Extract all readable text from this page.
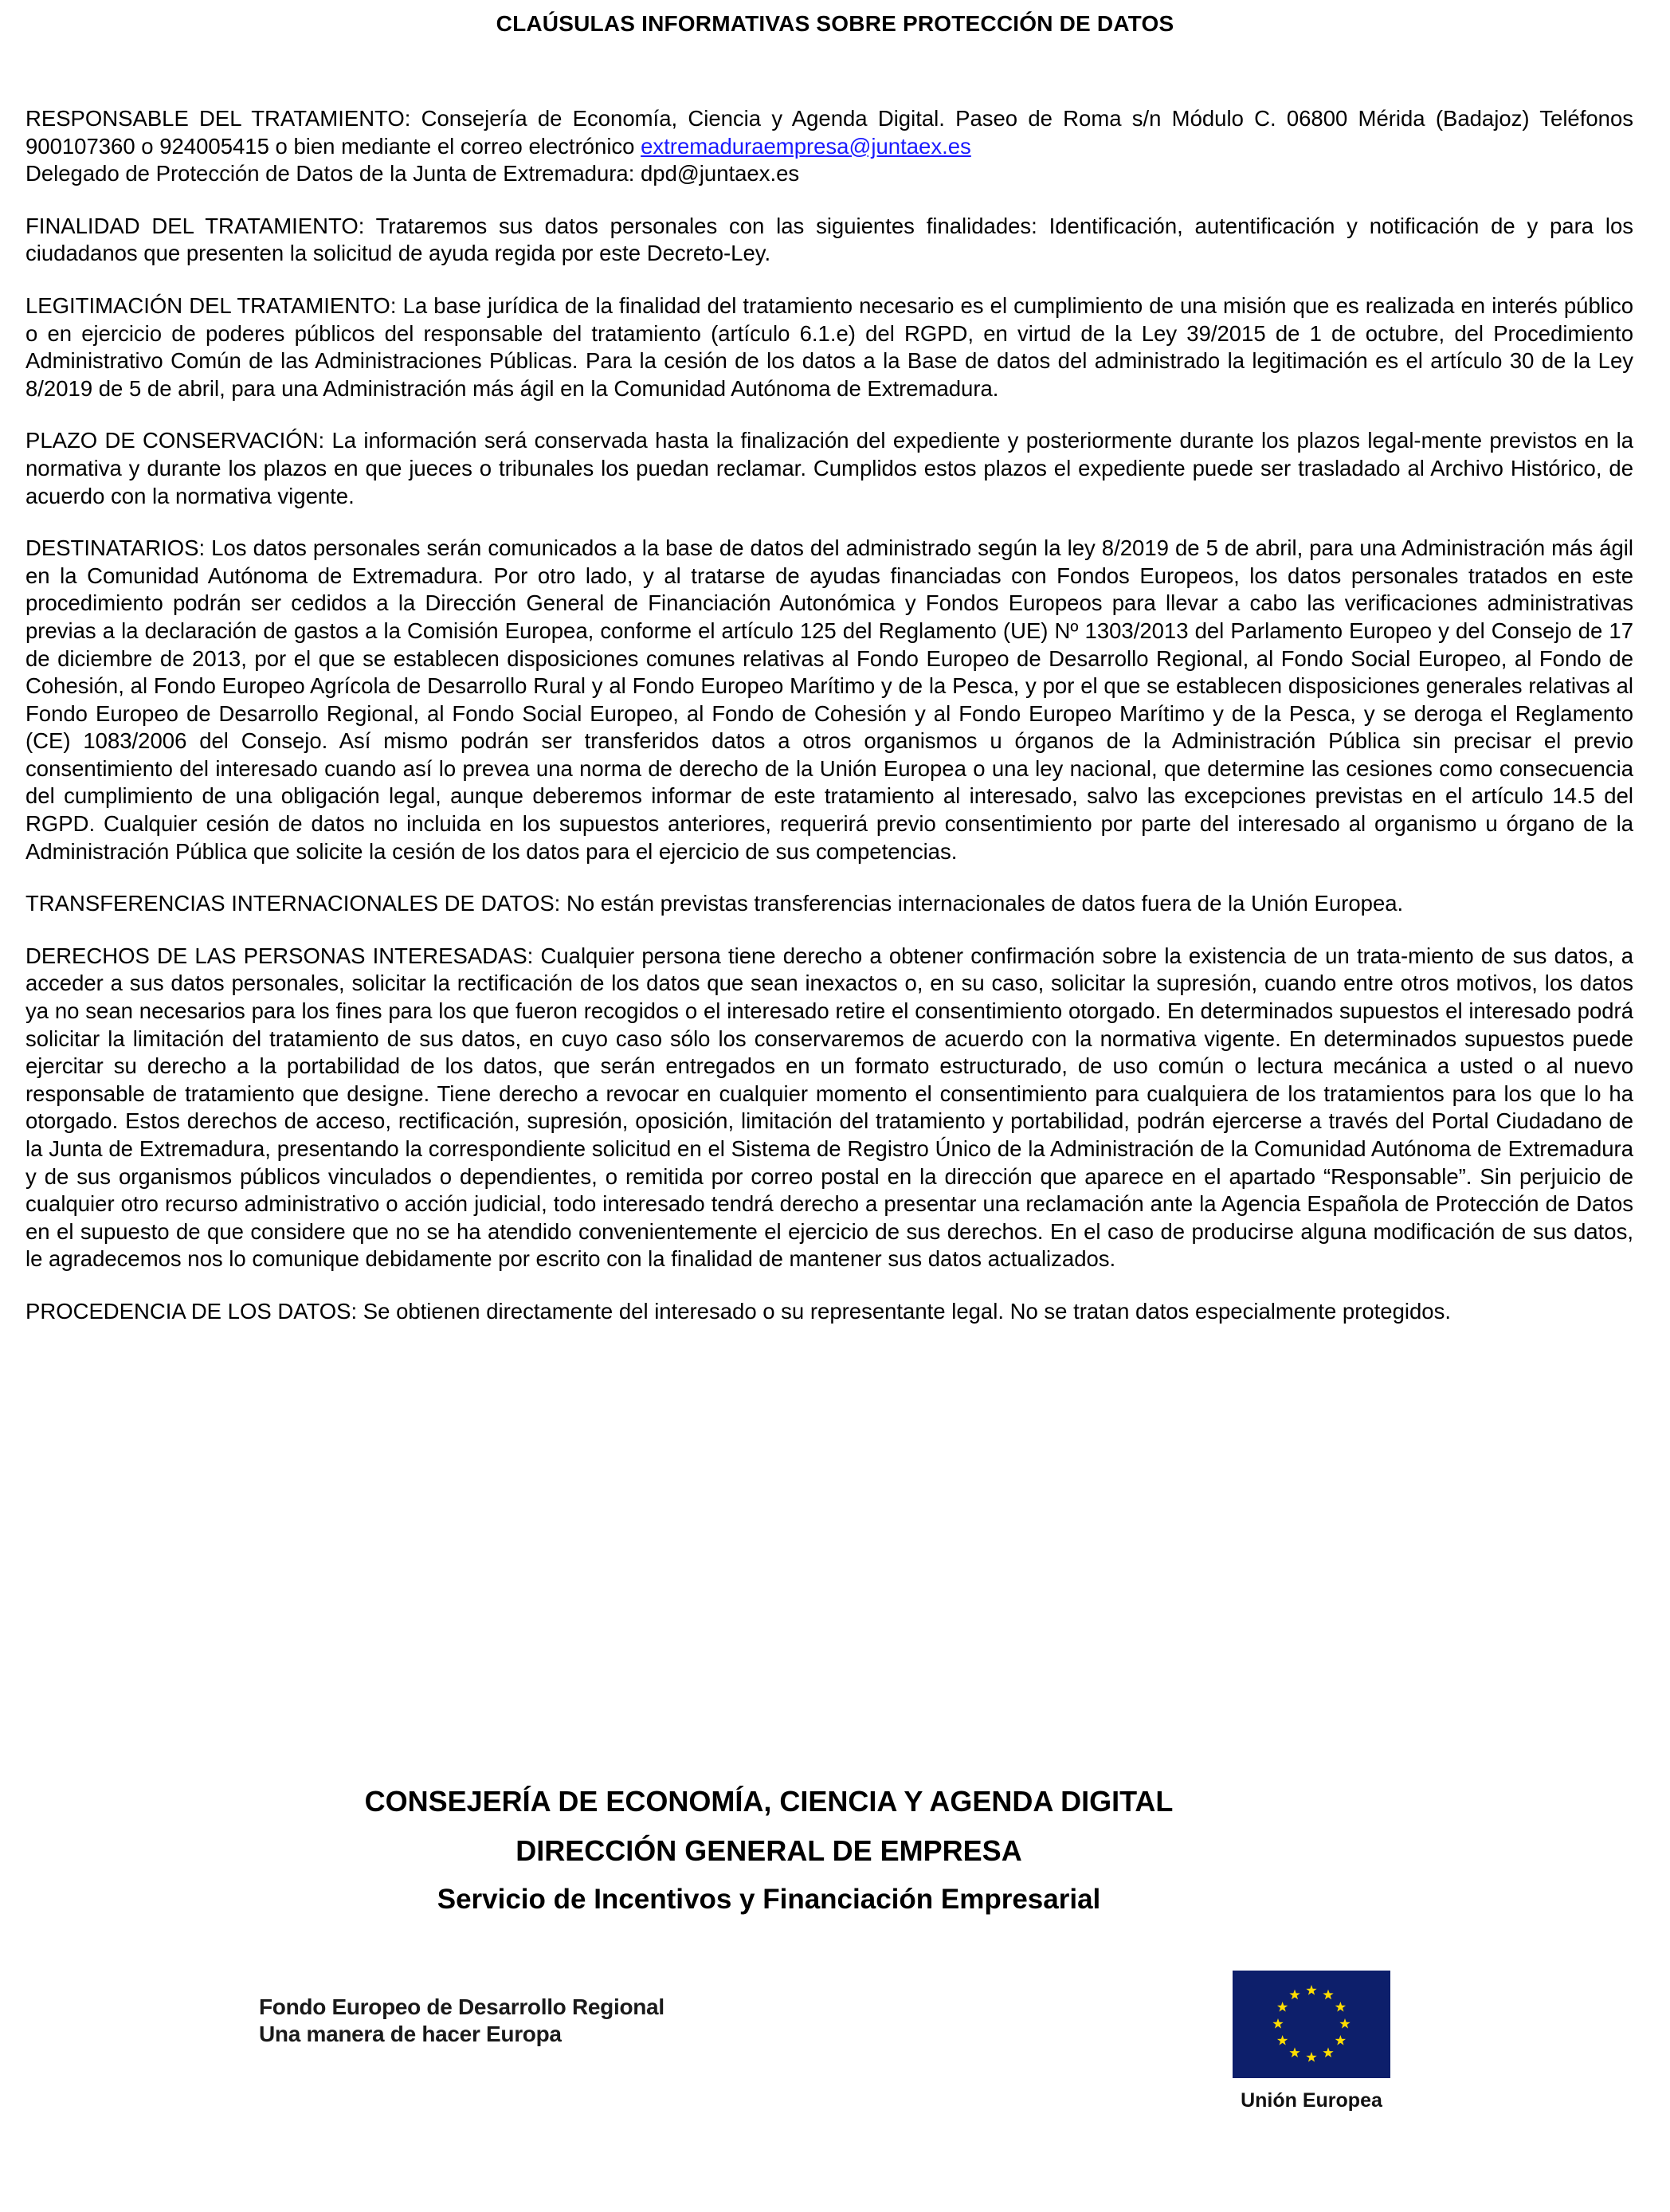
CLAÚSULAS INFORMATIVAS SOBRE PROTECCIÓN DE DATOS

RESPONSABLE DEL TRATAMIENTO: Consejería de Economía, Ciencia y Agenda Digital. Paseo de Roma s/n Módulo C. 06800 Mérida (Badajoz) Teléfonos 900107360 o 924005415 o bien mediante el correo electrónico extremaduraempresa@juntaex.es
Delegado de Protección de Datos de la Junta de Extremadura: dpd@juntaex.es

FINALIDAD DEL TRATAMIENTO: Trataremos sus datos personales con las siguientes finalidades: Identificación, autentificación y notificación de y para los ciudadanos que presenten la solicitud de ayuda regida por este Decreto-Ley.

LEGITIMACIÓN DEL TRATAMIENTO: La base jurídica de la finalidad del tratamiento necesario es el cumplimiento de una misión que es realizada en interés público o en ejercicio de poderes públicos del responsable del tratamiento (artículo 6.1.e) del RGPD, en virtud de la Ley 39/2015 de 1 de octubre, del Procedimiento Administrativo Común de las Administraciones Públicas. Para la cesión de los datos a la Base de datos del administrado la legitimación es el artículo 30 de la Ley 8/2019 de 5 de abril, para una Administración más ágil en la Comunidad Autónoma de Extremadura.

PLAZO DE CONSERVACIÓN: La información será conservada hasta la finalización del expediente y posteriormente durante los plazos legal-mente previstos en la normativa y durante los plazos en que jueces o tribunales los puedan reclamar. Cumplidos estos plazos el expediente puede ser trasladado al Archivo Histórico, de acuerdo con la normativa vigente.

DESTINATARIOS: Los datos personales serán comunicados a la base de datos del administrado según la ley 8/2019 de 5 de abril, para una Administración más ágil en la Comunidad Autónoma de Extremadura. Por otro lado, y al tratarse de ayudas financiadas con Fondos Europeos, los datos personales tratados en este procedimiento podrán ser cedidos a la Dirección General de Financiación Autonómica y Fondos Europeos para llevar a cabo las verificaciones administrativas previas a la declaración de gastos a la Comisión Europea, conforme el artículo 125 del Reglamento (UE) Nº 1303/2013 del Parlamento Europeo y del Consejo de 17 de diciembre de 2013, por el que se establecen disposiciones comunes relativas al Fondo Europeo de Desarrollo Regional, al Fondo Social Europeo, al Fondo de Cohesión, al Fondo Europeo Agrícola de Desarrollo Rural y al Fondo Europeo Marítimo y de la Pesca, y por el que se establecen disposiciones generales relativas al Fondo Europeo de Desarrollo Regional, al Fondo Social Europeo, al Fondo de Cohesión y al Fondo Europeo Marítimo y de la Pesca, y se deroga el Reglamento (CE) 1083/2006 del Consejo. Así mismo podrán ser transferidos datos a otros organismos u órganos de la Administración Pública sin precisar el previo consentimiento del interesado cuando así lo prevea una norma de derecho de la Unión Europea o una ley nacional, que determine las cesiones como consecuencia del cumplimiento de una obligación legal, aunque deberemos informar de este tratamiento al interesado, salvo las excepciones previstas en el artículo 14.5 del RGPD. Cualquier cesión de datos no incluida en los supuestos anteriores, requerirá previo consentimiento por parte del interesado al organismo u órgano de la Administración Pública que solicite la cesión de los datos para el ejercicio de sus competencias.

TRANSFERENCIAS INTERNACIONALES DE DATOS: No están previstas transferencias internacionales de datos fuera de la Unión Europea.

DERECHOS DE LAS PERSONAS INTERESADAS: Cualquier persona tiene derecho a obtener confirmación sobre la existencia de un trata-miento de sus datos, a acceder a sus datos personales, solicitar la rectificación de los datos que sean inexactos o, en su caso, solicitar la supresión, cuando entre otros motivos, los datos ya no sean necesarios para los fines para los que fueron recogidos o el interesado retire el consentimiento otorgado. En determinados supuestos el interesado podrá solicitar la limitación del tratamiento de sus datos, en cuyo caso sólo los conservaremos de acuerdo con la normativa vigente. En determinados supuestos puede ejercitar su derecho a la portabilidad de los datos, que serán entregados en un formato estructurado, de uso común o lectura mecánica a usted o al nuevo responsable de tratamiento que designe. Tiene derecho a revocar en cualquier momento el consentimiento para cualquiera de los tratamientos para los que lo ha otorgado. Estos derechos de acceso, rectificación, supresión, oposición, limitación del tratamiento y portabilidad, podrán ejercerse a través del Portal Ciudadano de la Junta de Extremadura, presentando la correspondiente solicitud en el Sistema de Registro Único de la Administración de la Comunidad Autónoma de Extremadura y de sus organismos públicos vinculados o dependientes, o remitida por correo postal en la dirección que aparece en el apartado “Responsable”. Sin perjuicio de cualquier otro recurso administrativo o acción judicial, todo interesado tendrá derecho a presentar una reclamación ante la Agencia Española de Protección de Datos en el supuesto de que considere que no se ha atendido convenientemente el ejercicio de sus derechos. En el caso de producirse alguna modificación de sus datos, le agradecemos nos lo comunique debidamente por escrito con la finalidad de mantener sus datos actualizados.

PROCEDENCIA DE LOS DATOS: Se obtienen directamente del interesado o su representante legal. No se tratan datos especialmente protegidos.

CONSEJERÍA DE ECONOMÍA, CIENCIA Y AGENDA DIGITAL
DIRECCIÓN GENERAL DE EMPRESA
Servicio de Incentivos y Financiación Empresarial
Fondo Europeo de Desarrollo Regional
Una manera de hacer Europa
Unión Europea
